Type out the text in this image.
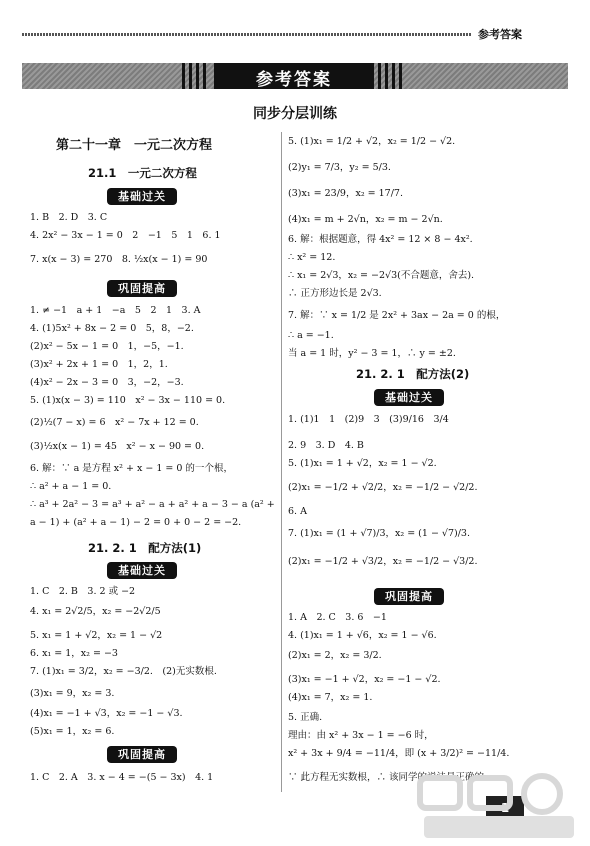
参考答案
参考答案
同步分层训练
第二十一章　一元二次方程
21.1　一元二次方程
基础过关
1. B　2. D　3. C
4. 2x² − 3x − 1 = 0　2　−1　5　1　6. 1
7. x(x − 3) = 270　8. ½x(x − 1) = 90
巩固提高
1. ≠ −1　a + 1　−a　5　2　1　3. A
4. (1)5x² + 8x − 2 = 0　5，8，−2.
(2)x² − 5x − 1 = 0　1，−5，−1.
(3)x² + 2x + 1 = 0　1，2，1.
(4)x² − 2x − 3 = 0　3，−2，−3.
5. (1)x(x − 3) = 110　x² − 3x − 110 = 0.
(2)½(7 − x) = 6　x² − 7x + 12 = 0.
(3)½x(x − 1) = 45　x² − x − 90 = 0.
6. 解：∵ a 是方程 x² + x − 1 = 0 的一个根，
∴ a² + a − 1 = 0.
∴ a³ + 2a² − 3 = a³ + a² − a + a² + a − 3 − a (a² +
a − 1) + (a² + a − 1) − 2 = 0 + 0 − 2 = −2.
21. 2. 1　配方法(1)
基础过关
1. C　2. B　3. 2 或 −2
4. x₁ = 2√2/5，x₂ = −2√2/5
5. x₁ = 1 + √2，x₂ = 1 − √2
6. x₁ = 1，x₂ = −3
7. (1)x₁ = 3/2，x₂ = −3/2.　(2)无实数根.
(3)x₁ = 9，x₂ = 3.
(4)x₁ = −1 + √3，x₂ = −1 − √3.
(5)x₁ = 1，x₂ = 6.
巩固提高
1. C　2. A　3. x − 4 = −(5 − 3x)　4. 1
5. (1)x₁ = 1/2 + √2，x₂ = 1/2 − √2.
(2)y₁ = 7/3，y₂ = 5/3.
(3)x₁ = 23/9，x₂ = 17/7.
(4)x₁ = m + 2√n，x₂ = m − 2√n.
6. 解：根据题意，得 4x² = 12 × 8 − 4x².
∴ x² = 12.
∴ x₁ = 2√3，x₂ = −2√3(不合题意，舍去).
∴ 正方形边长是 2√3.
7. 解：∵ x = 1/2 是 2x² + 3ax − 2a = 0 的根，
∴ a = −1.
当 a = 1 时，y² − 3 = 1，∴ y = ±2.
21. 2. 1　配方法(2)
基础过关
1. (1)1　1　(2)9　3　(3)9/16　3/4
2. 9　3. D　4. B
5. (1)x₁ = 1 + √2，x₂ = 1 − √2.
(2)x₁ = −1/2 + √2/2，x₂ = −1/2 − √2/2.
6. A
7. (1)x₁ = (1 + √7)/3，x₂ = (1 − √7)/3.
(2)x₁ = −1/2 + √3/2，x₂ = −1/2 − √3/2.
巩固提高
1. A　2. C　3. 6　−1
4. (1)x₁ = 1 + √6，x₂ = 1 − √6.
(2)x₁ = 2，x₂ = 3/2.
(3)x₁ = −1 + √2，x₂ = −1 − √2.
(4)x₁ = 7，x₂ = 1.
5. 正确.
理由：由 x² + 3x − 1 = −6 时，
x² + 3x + 9/4 = −11/4，即 (x + 3/2)² = −11/4.
∵ 此方程无实数根，∴ 该同学的说法是正确的.
1
